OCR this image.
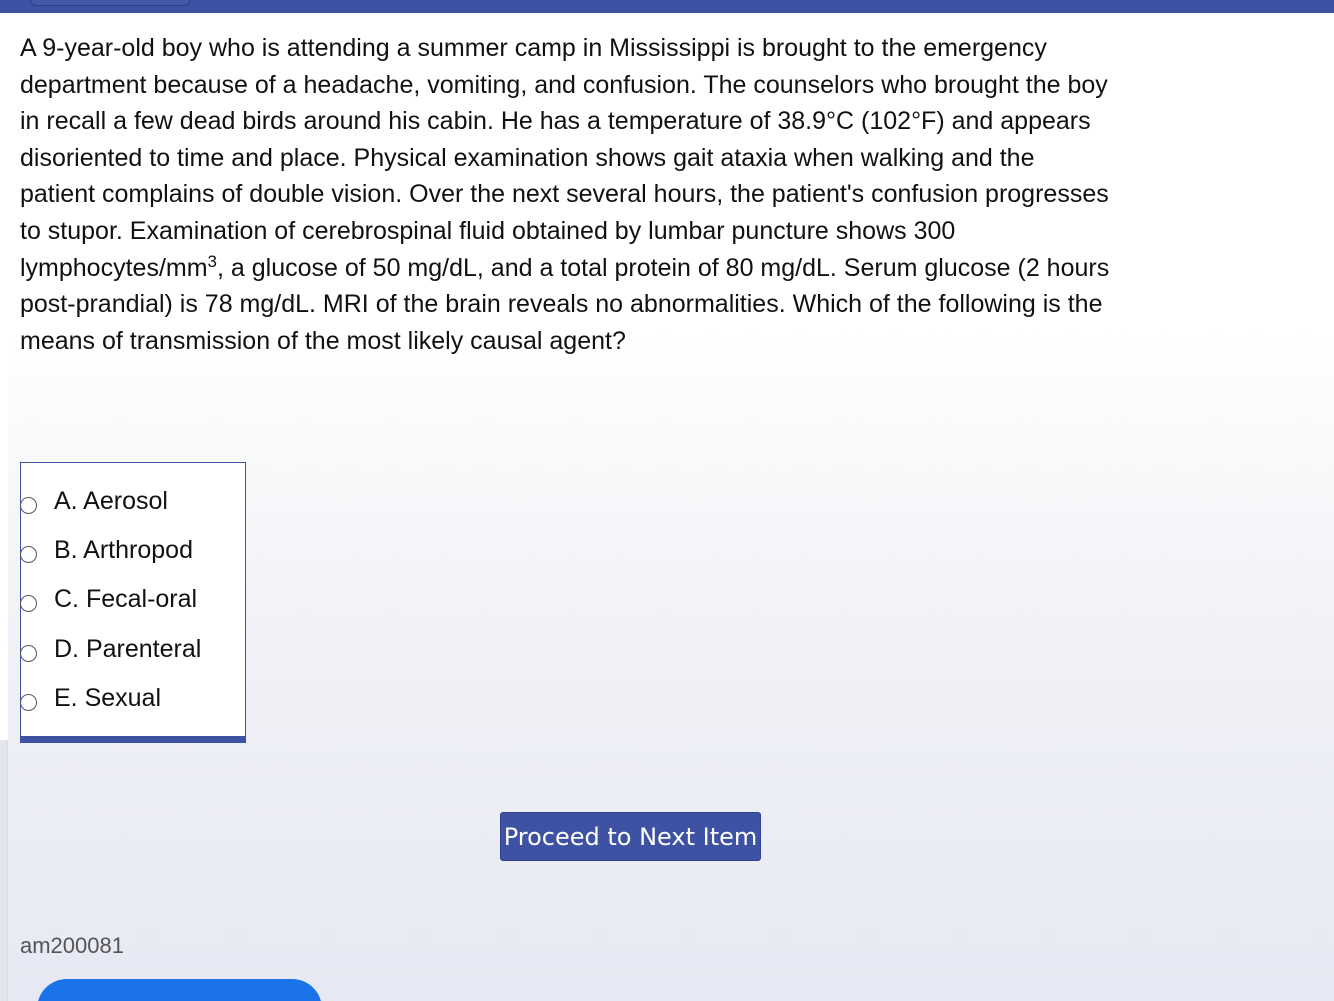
A 9-year-old boy who is attending a summer camp in Mississippi is brought to the emergency department because of a headache, vomiting, and confusion. The counselors who brought the boy in recall a few dead birds around his cabin. He has a temperature of 38.9°C (102°F) and appears disoriented to time and place. Physical examination shows gait ataxia when walking and the patient complains of double vision. Over the next several hours, the patient's confusion progresses to stupor. Examination of cerebrospinal fluid obtained by lumbar puncture shows 300 lymphocytes/$mm^3$, a glucose of 50 mg/dL, and a total protein of 80 mg/dL. Serum glucose (2 hours post-prandial) is 78 mg/dL. MRI of the brain reveals no abnormalities. Which of the following is the means of transmission of the most likely causal agent?

A. Aerosol
B. Arthropod
C. Fecal-oral
D. Parenteral
E. Sexual
Proceed to Next Item
am200081
